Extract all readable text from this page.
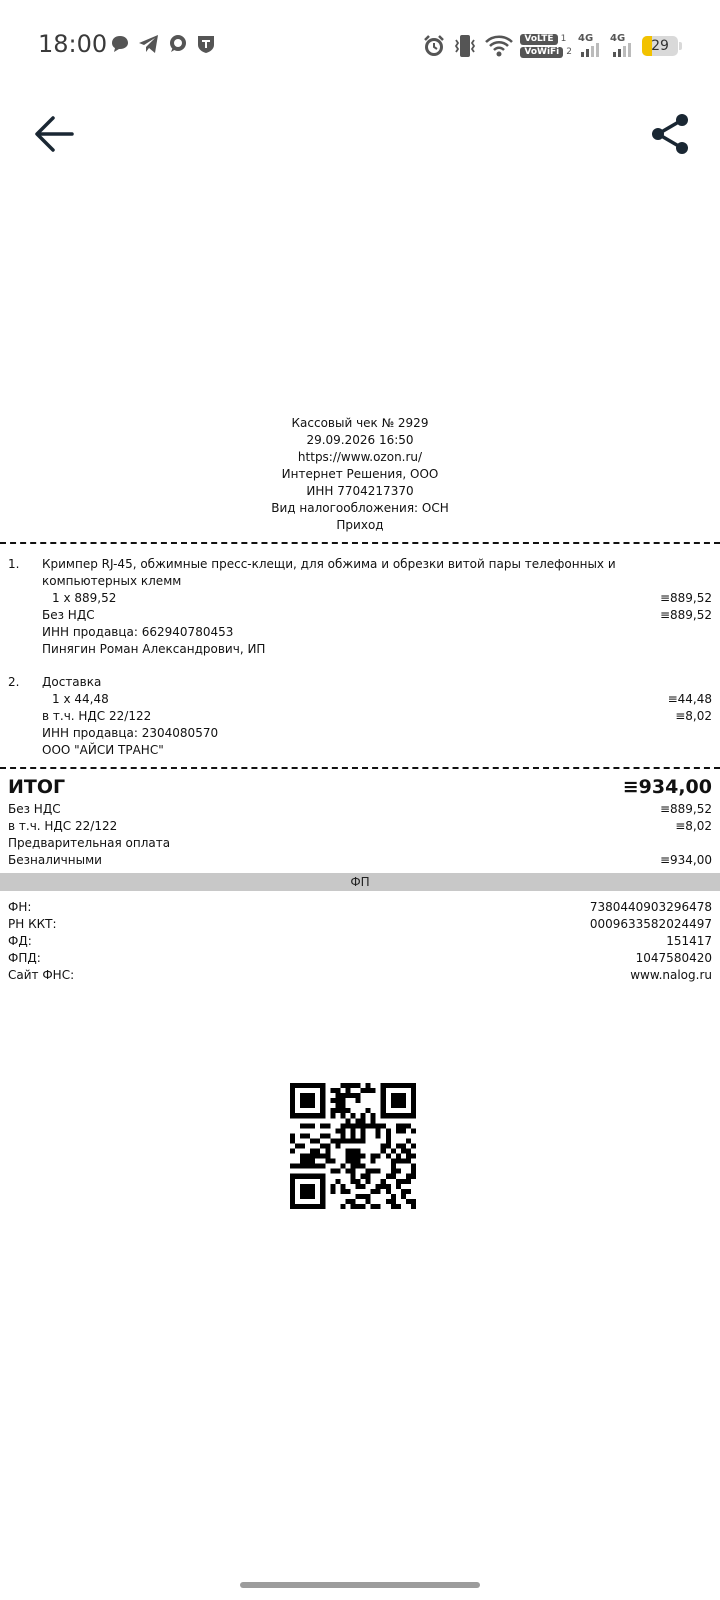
18:00	VoLTE 1
VoWiFi 2
4G 4G	29
Кассовый чек № 2929
29.09.2026 16:50
https://www.ozon.ru/
Интернет Решения, ООО
ИНН 7704217370
Вид налогообложения: ОСН
Приход
1. Кримпер RJ-45, обжимные пресс-клещи, для обжима и обрезки витой пары телефонных и компьютерных клемм
1 x 889,52	≡889,52
Без НДС	≡889,52
ИНН продавца: 662940780453
Пинягин Роман Александрович, ИП
2. Доставка
1 x 44,48	≡44,48
в т.ч. НДС 22/122	≡8,02
ИНН продавца: 2304080570
ООО "АЙСИ ТРАНС"
ИТОГ	≡934,00
Без НДС	≡889,52
в т.ч. НДС 22/122	≡8,02
Предварительная оплата
Безналичными	≡934,00
ФП
ФН:	7380440903296478
РН ККТ:	0009633582024497
ФД:	151417
ФПД:	1047580420
Сайт ФНС:	www.nalog.ru
